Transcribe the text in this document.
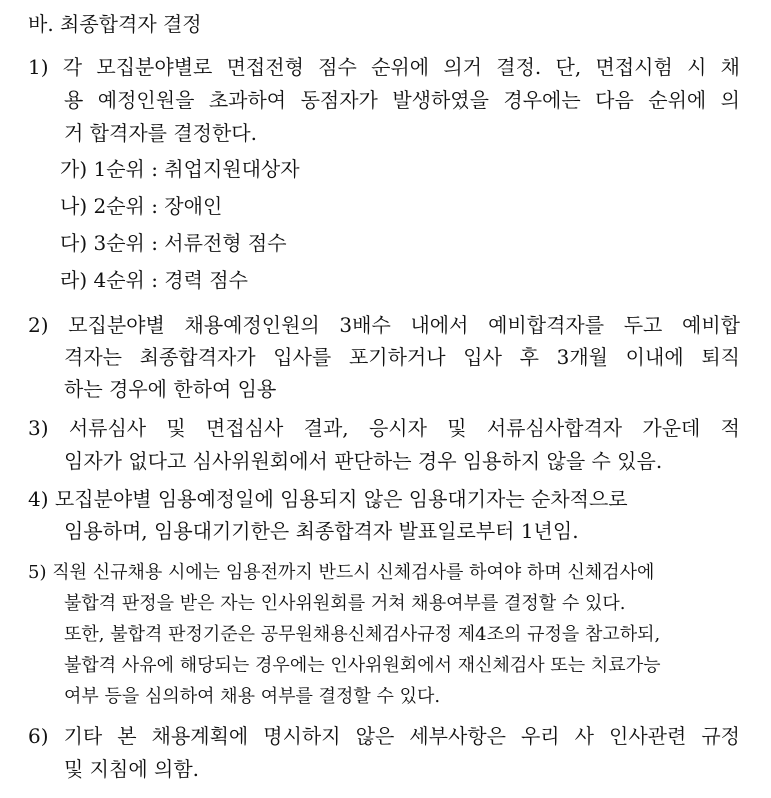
바. 최종합격자 결정
1) 각 모집분야별로 면접전형 점수 순위에 의거 결정. 단, 면접시험 시 채
용 예정인원을 초과하여 동점자가 발생하였을 경우에는 다음 순위에 의
거 합격자를 결정한다.
가) 1순위 : 취업지원대상자
나) 2순위 : 장애인
다) 3순위 : 서류전형 점수
라) 4순위 : 경력 점수
2) 모집분야별 채용예정인원의 3배수 내에서 예비합격자를 두고 예비합
격자는 최종합격자가 입사를 포기하거나 입사 후 3개월 이내에 퇴직
하는 경우에 한하여 임용
3) 서류심사 및 면접심사 결과, 응시자 및 서류심사합격자 가운데 적
임자가 없다고 심사위원회에서 판단하는 경우 임용하지 않을 수 있음.
4) 모집분야별 임용예정일에 임용되지 않은 임용대기자는 순차적으로
임용하며, 임용대기기한은 최종합격자 발표일로부터 1년임.
5) 직원 신규채용 시에는 임용전까지 반드시 신체검사를 하여야 하며 신체검사에
불합격 판정을 받은 자는 인사위원회를 거쳐 채용여부를 결정할 수 있다.
또한, 불합격 판정기준은 공무원채용신체검사규정 제4조의 규정을 참고하되,
불합격 사유에 해당되는 경우에는 인사위원회에서 재신체검사 또는 치료가능
여부 등을 심의하여 채용 여부를 결정할 수 있다.
6) 기타 본 채용계획에 명시하지 않은 세부사항은 우리 사 인사관련 규정
및 지침에 의함.
